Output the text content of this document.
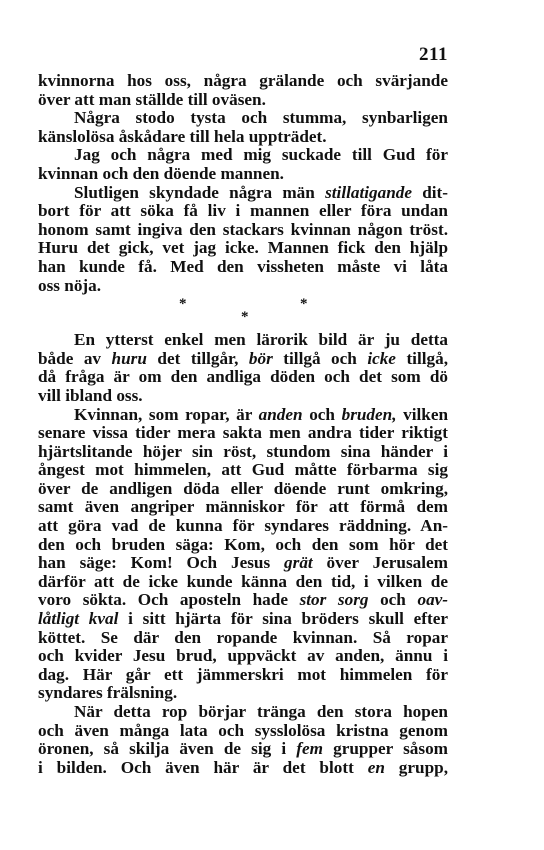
211
kvinnorna hos oss, några grälande och svärjande
över att man ställde till oväsen.
Några stodo tysta och stumma, synbarligen
känslolösa åskådare till hela uppträdet.
Jag och några med mig suckade till Gud för
kvinnan och den döende mannen.
Slutligen skyndade några män stillatigande dit-
bort för att söka få liv i mannen eller föra undan
honom samt ingiva den stackars kvinnan någon tröst.
Huru det gick, vet jag icke. Mannen fick den hjälp
han kunde få. Med den vissheten måste vi låta
oss nöja.
*	*
*
En ytterst enkel men lärorik bild är ju detta
både av huru det tillgår, bör tillgå och icke tillgå,
då fråga är om den andliga döden och det som dö
vill ibland oss.
Kvinnan, som ropar, är anden och bruden, vilken
senare vissa tider mera sakta men andra tider riktigt
hjärtslitande höjer sin röst, stundom sina händer i
ångest mot himmelen, att Gud måtte förbarma sig
över de andligen döda eller döende runt omkring,
samt även angriper människor för att förmå dem
att göra vad de kunna för syndares räddning. An-
den och bruden säga: Kom, och den som hör det
han säge: Kom! Och Jesus grät över Jerusalem
därför att de icke kunde känna den tid, i vilken de
voro sökta. Och aposteln hade stor sorg och oav-
låtligt kval i sitt hjärta för sina bröders skull efter
köttet. Se där den ropande kvinnan. Så ropar
och kvider Jesu brud, uppväckt av anden, ännu i
dag. Här går ett jämmerskri mot himmelen för
syndares frälsning.
När detta rop börjar tränga den stora hopen
och även många lata och sysslolösa kristna genom
öronen, så skilja även de sig i fem grupper såsom
i bilden. Och även här är det blott en grupp,
